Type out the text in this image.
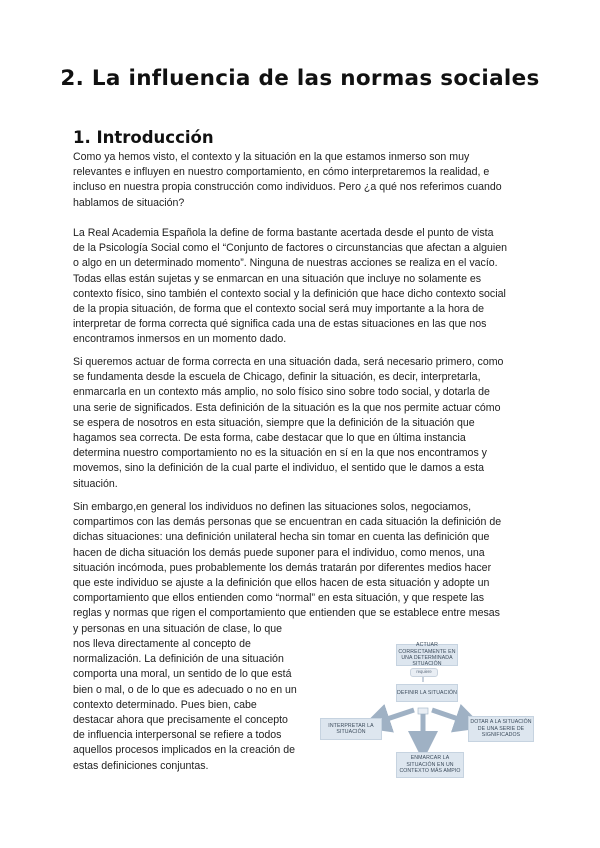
2. La influencia de las normas sociales
1. Introducción
Como ya hemos visto, el contexto y la situación en la que estamos inmerso son muy
relevantes e influyen en nuestro comportamiento, en cómo interpretaremos la realidad, e
incluso en nuestra propia construcción como individuos. Pero ¿a qué nos referimos cuando
hablamos de situación?
La Real Academia Española la define de forma bastante acertada desde el punto de vista
de la Psicología Social como el “Conjunto de factores o circunstancias que afectan a alguien
o algo en un determinado momento”. Ninguna de nuestras acciones se realiza en el vacío.
Todas ellas están sujetas y se enmarcan en una situación que incluye no solamente es
contexto físico, sino también el contexto social y la definición que hace dicho contexto social
de la propia situación, de forma que el contexto social será muy importante a la hora de
interpretar de forma correcta qué significa cada una de estas situaciones en las que nos
encontramos inmersos en un momento dado.
Si queremos actuar de forma correcta en una situación dada, será necesario primero, como
se fundamenta desde la escuela de Chicago, definir la situación, es decir, interpretarla,
enmarcarla en un contexto más amplio, no solo físico sino sobre todo social, y dotarla de
una serie de significados. Esta definición de la situación es la que nos permite actuar cómo
se espera de nosotros en esta situación, siempre que la definición de la situación que
hagamos sea correcta. De esta forma, cabe destacar que lo que en última instancia
determina nuestro comportamiento no es la situación en sí en la que nos encontramos y
movemos, sino la definición de la cual parte el individuo, el sentido que le damos a esta
situación.
Sin embargo,en general los individuos no definen las situaciones solos, negociamos,
compartimos con las demás personas que se encuentran en cada situación la definición de
dichas situaciones: una definición unilateral hecha sin tomar en cuenta las definición que
hacen de dicha situación los demás puede suponer para el individuo, como menos, una
situación incómoda, pues probablemente los demás tratarán por diferentes medios hacer
que este individuo se ajuste a la definición que ellos hacen de esta situación y adopte un
comportamiento que ellos entienden como “normal” en esta situación, y que respete las
reglas y normas que rigen el comportamiento que entienden que se establece entre mesas
y personas en una situación de clase, lo que
nos lleva directamente al concepto de
normalización. La definición de una situación
comporta una moral, un sentido de lo que está
bien o mal, o de lo que es adecuado o no en un
contexto determinado. Pues bien, cabe
destacar ahora que precisamente el concepto
de influencia interpersonal se refiere a todos
aquellos procesos implicados en la creación de
estas definiciones conjuntas.
ACTUAR CORRECTAMENTE EN UNA DETERMINADA SITUACIÓN
requiere
DEFINIR LA SITUACIÓN
INTERPRETAR LA SITUACIÓN
DOTAR A LA SITUACIÓN DE UNA SERIE DE SIGNIFICADOS
ENMARCAR LA SITUACIÓN EN UN CONTEXTO MÁS AMPIO
